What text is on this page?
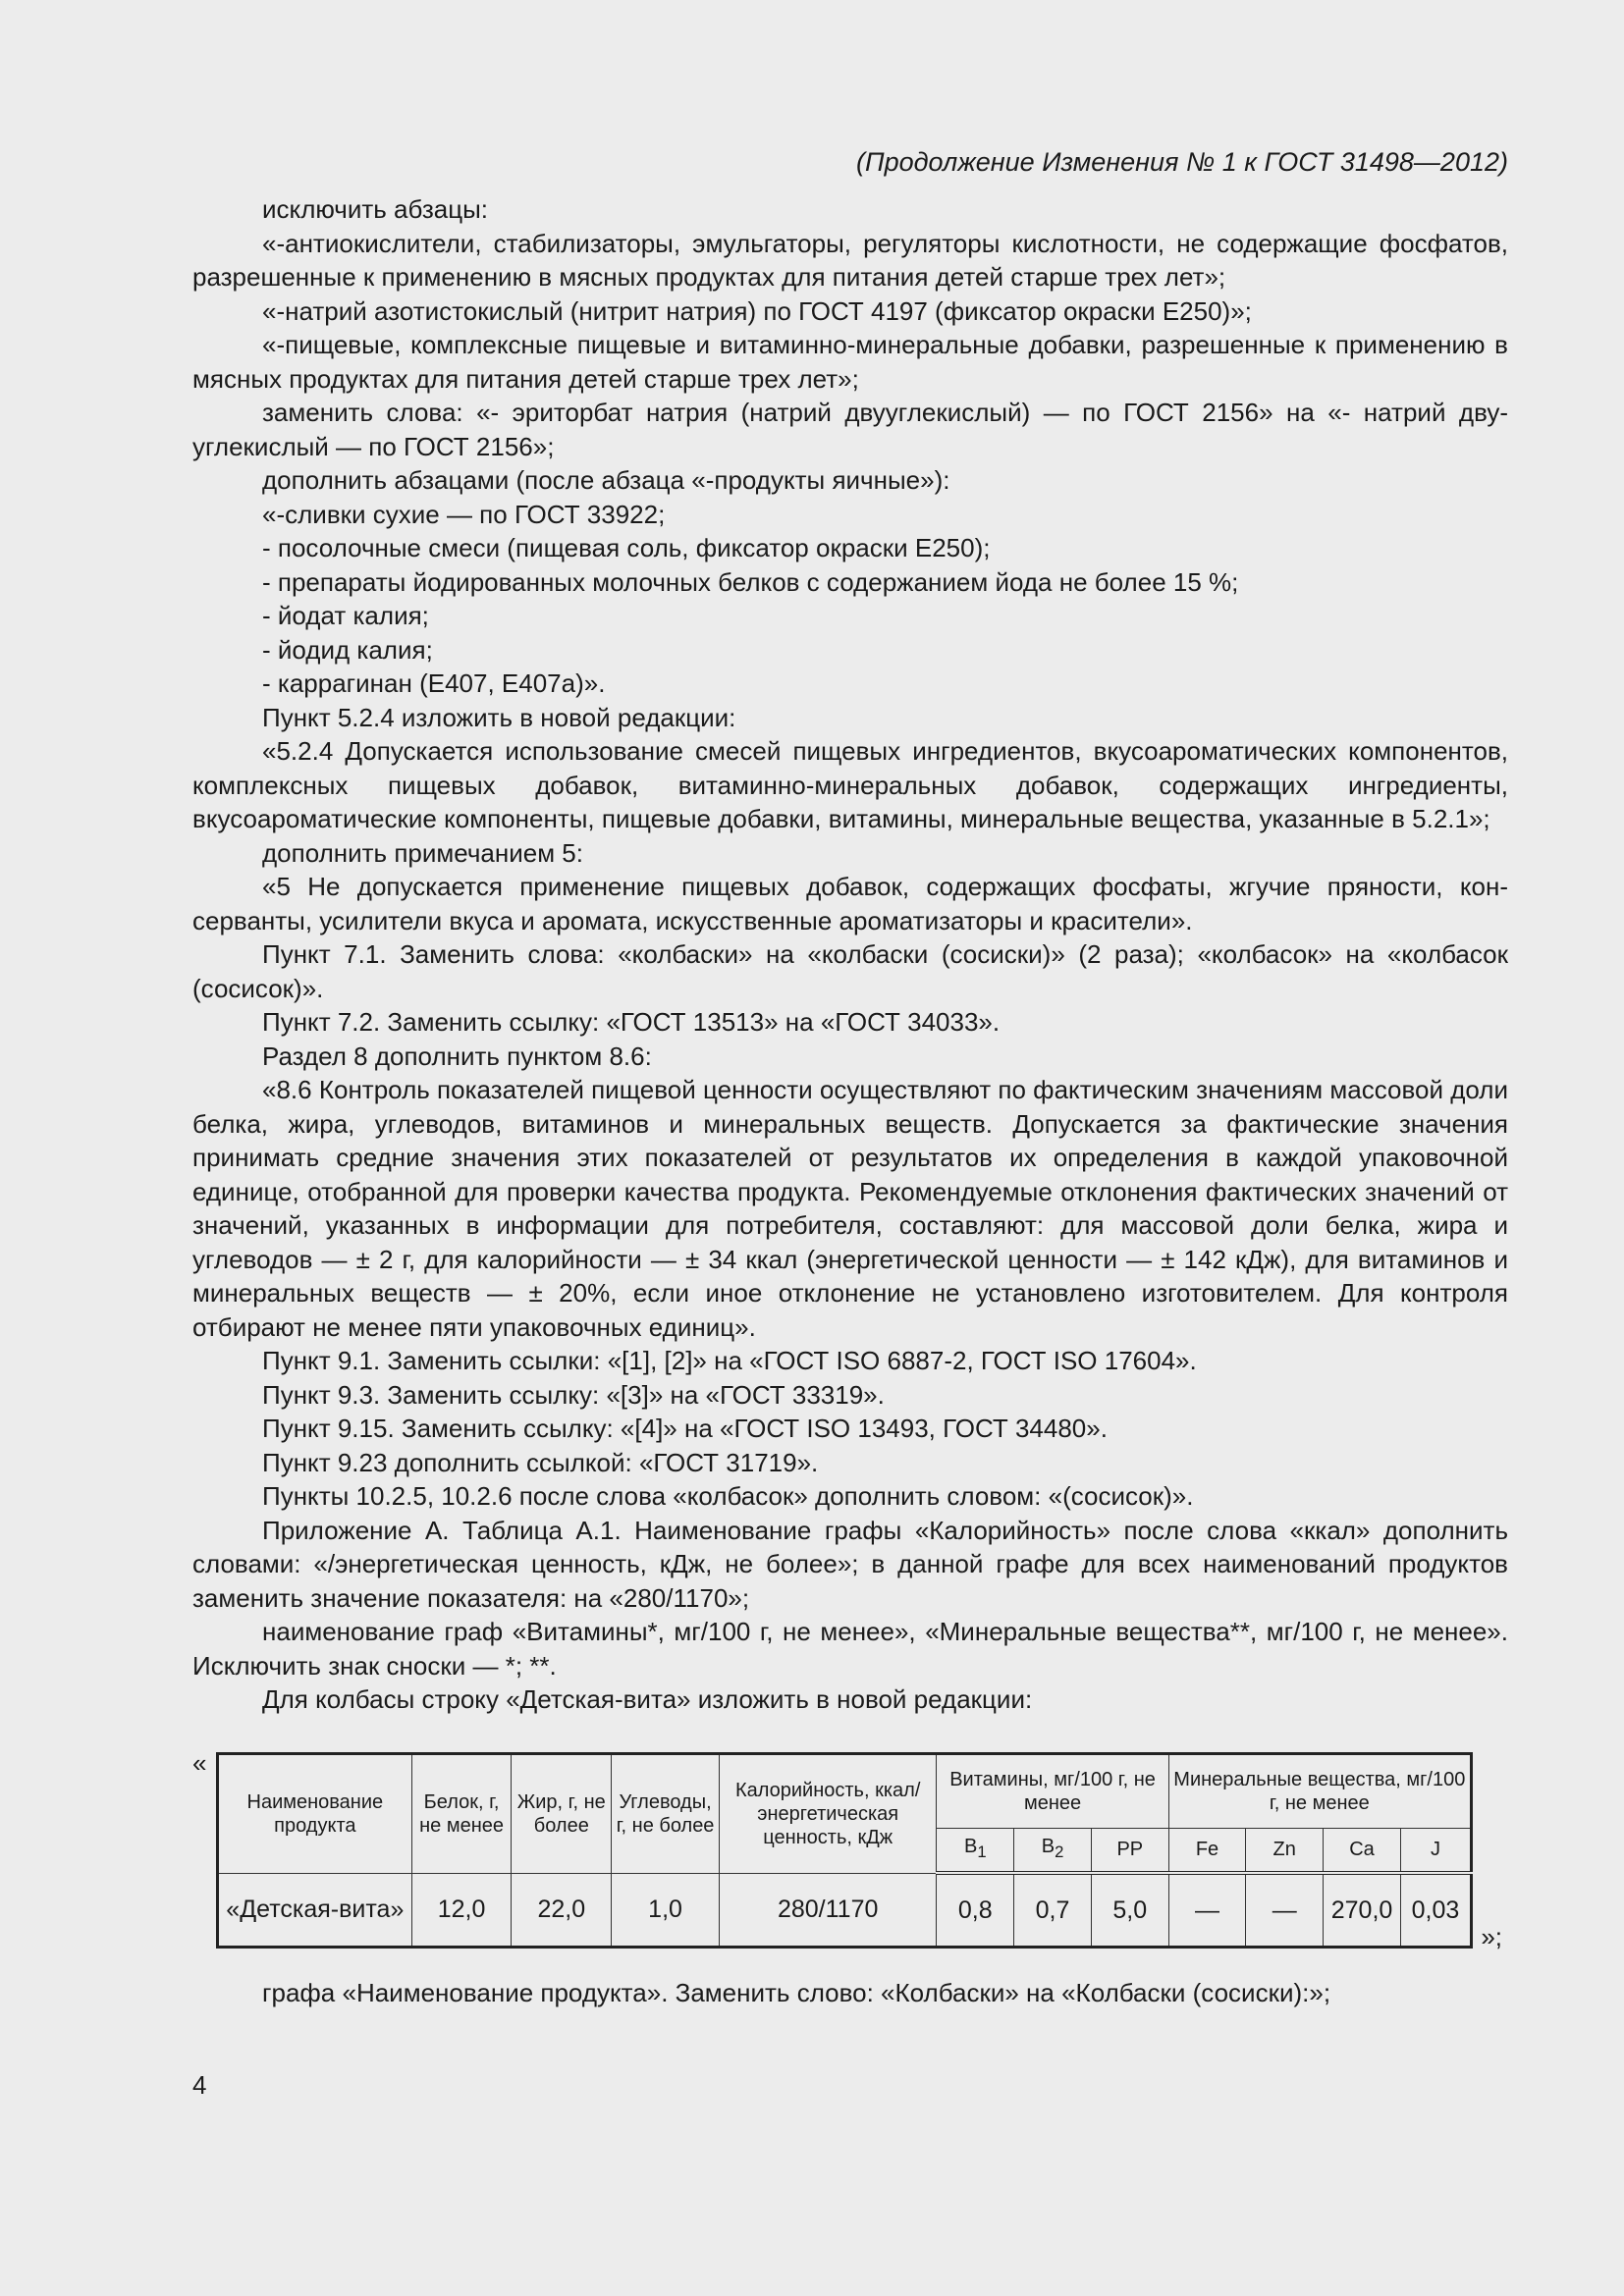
(Продолжение Изменения № 1 к ГОСТ 31498—2012)

исключить абзацы:

«-антиокислители, стабилизаторы, эмульгаторы, регуляторы кислотности, не содержащие фосфатов, разрешенные к применению в мясных продуктах для питания детей старше трех лет»;

«-натрий азотистокислый (нитрит натрия) по ГОСТ 4197 (фиксатор окраски Е250)»;

«-пищевые, комплексные пищевые и витаминно-минеральные добавки, разрешенные к применению в мясных продуктах для питания детей старше трех лет»;

заменить слова: «- эриторбат натрия (натрий двууглекислый) — по ГОСТ 2156» на «- натрий двууглекислый — по ГОСТ 2156»;

дополнить абзацами (после абзаца «-продукты яичные»):

«-сливки сухие — по ГОСТ 33922;

- посолочные смеси (пищевая соль, фиксатор окраски Е250);

- препараты йодированных молочных белков с содержанием йода не более 15 %;

- йодат калия;

- йодид калия;

- каррагинан (Е407, Е407а)».

Пункт 5.2.4 изложить в новой редакции:

«5.2.4 Допускается использование смесей пищевых ингредиентов, вкусоароматических компонентов, комплексных пищевых добавок, витаминно-минеральных добавок, содержащих ингредиенты, вкусоароматические компоненты, пищевые добавки, витамины, минеральные вещества, указанные в 5.2.1»;

дополнить примечанием 5:

«5 Не допускается применение пищевых добавок, содержащих фосфаты, жгучие пряности, консерванты, усилители вкуса и аромата, искусственные ароматизаторы и красители».

Пункт 7.1. Заменить слова: «колбаски» на «колбаски (сосиски)» (2 раза); «колбасок» на «колбасок (сосисок)».

Пункт 7.2. Заменить ссылку: «ГОСТ 13513» на «ГОСТ 34033».

Раздел 8 дополнить пунктом 8.6:

«8.6 Контроль показателей пищевой ценности осуществляют по фактическим значениям массовой доли белка, жира, углеводов, витаминов и минеральных веществ. Допускается за фактические значения принимать средние значения этих показателей от результатов их определения в каждой упаковочной единице, отобранной для проверки качества продукта. Рекомендуемые отклонения фактических значений от значений, указанных в информации для потребителя, составляют: для массовой доли белка, жира и углеводов — ± 2 г, для калорийности — ± 34 ккал (энергетической ценности — ± 142 кДж), для витаминов и минеральных веществ — ± 20%, если иное отклонение не установлено изготовителем. Для контроля отбирают не менее пяти упаковочных единиц».

Пункт 9.1. Заменить ссылки: «[1], [2]» на «ГОСТ ISO 6887-2, ГОСТ ISO 17604».

Пункт 9.3. Заменить ссылку: «[3]» на «ГОСТ 33319».

Пункт 9.15. Заменить ссылку: «[4]» на «ГОСТ ISO 13493, ГОСТ 34480».

Пункт 9.23 дополнить ссылкой: «ГОСТ 31719».

Пункты 10.2.5, 10.2.6 после слова «колбасок» дополнить словом: «(сосисок)».

Приложение А. Таблица А.1. Наименование графы «Калорийность» после слова «ккал» дополнить словами: «/энергетическая ценность, кДж, не более»; в данной графе для всех наименований продуктов заменить значение показателя: на «280/1170»;

наименование граф «Витамины*, мг/100 г, не менее», «Минеральные вещества**, мг/100 г, не менее». Исключить знак сноски — *; **.

Для колбасы строку «Детская-вита» изложить в новой редакции:

«
Наименование продукта	Белок, г, не менее	Жир, г, не более	Углеводы, г, не более	Калорийность, ккал/энергетическая ценность, кДж	Витамины, мг/100 г, не менее			Минеральные вещества, мг/100 г, не менее			
					$B_1$	$B_2$	PP	Fe	Zn	Ca	J
«Детская-вита»	12,0	22,0	1,0	280/1170	0,8	0,7	5,0	—	—	270,0	0,03
»;

графа «Наименование продукта». Заменить слово: «Колбаски» на «Колбаски (сосиски):»;

4
